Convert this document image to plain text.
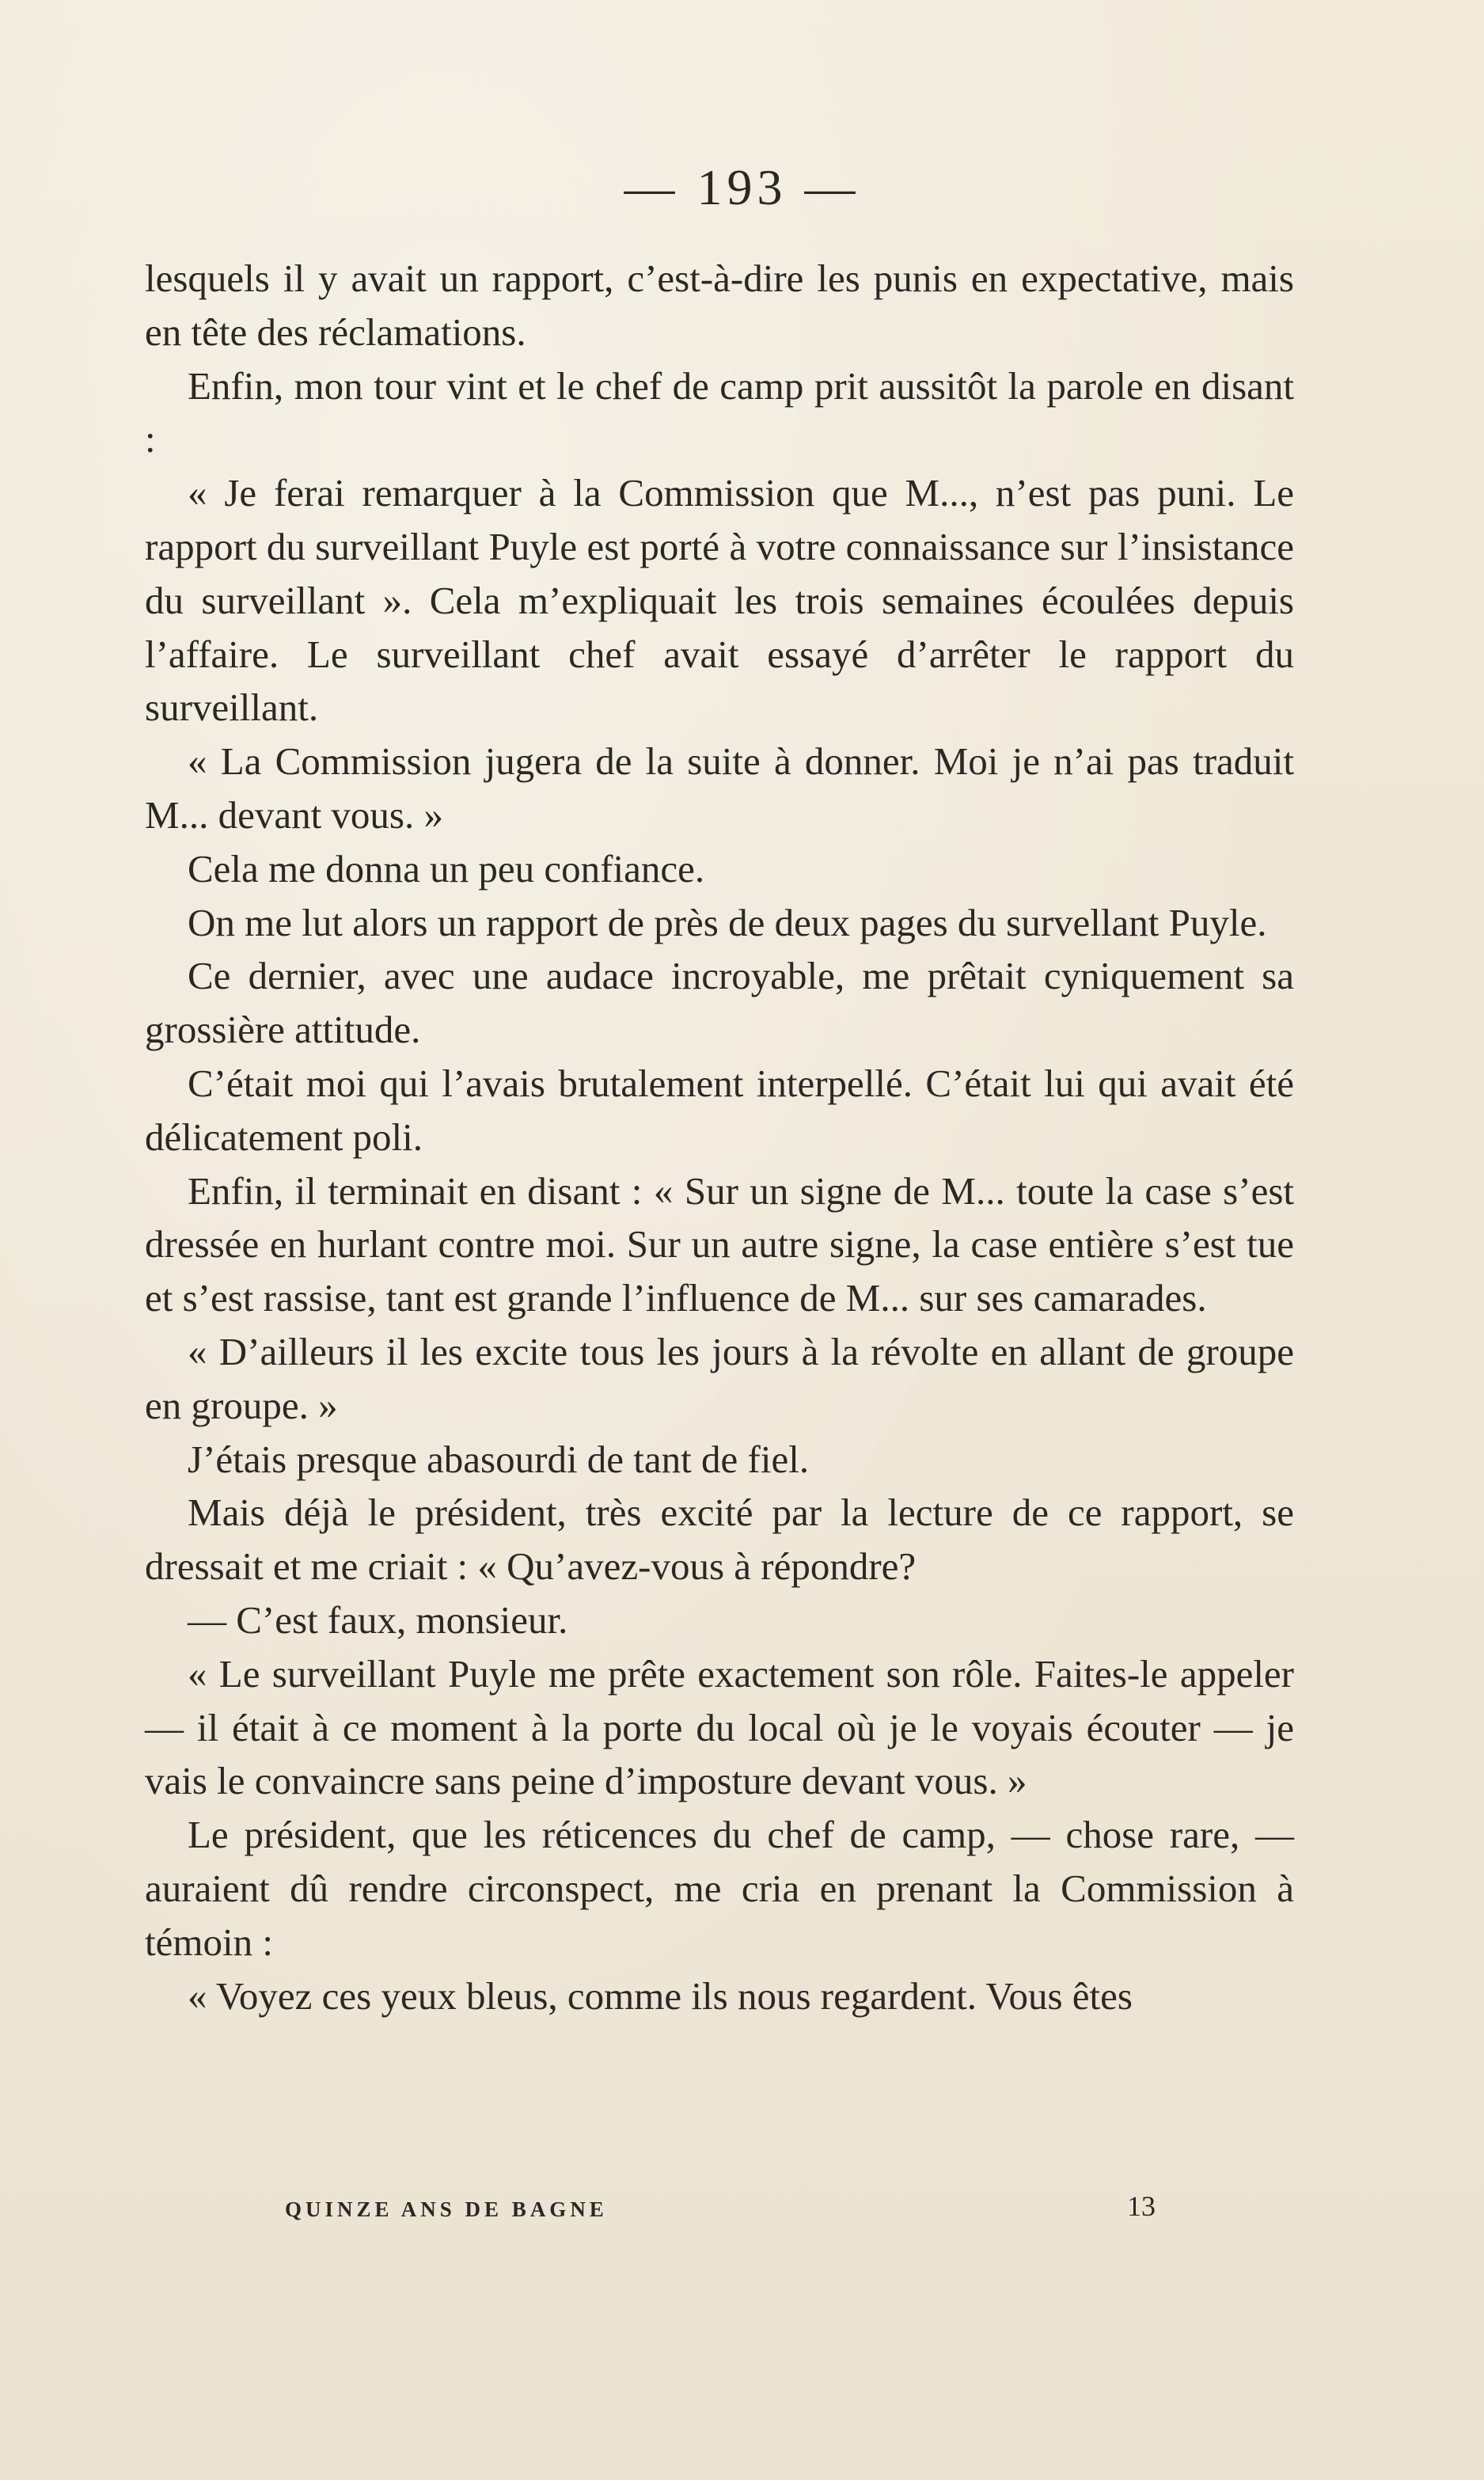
— 193 —

lesquels il y avait un rapport, c’est-à-dire les punis en expectative, mais en tête des réclamations.

Enfin, mon tour vint et le chef de camp prit aussitôt la parole en disant :

« Je ferai remarquer à la Commission que M..., n’est pas puni. Le rapport du surveillant Puyle est porté à votre connaissance sur l’insistance du surveillant ». Cela m’expliquait les trois semaines écoulées depuis l’affaire. Le surveillant chef avait essayé d’arrêter le rapport du surveillant.

« La Commission jugera de la suite à donner. Moi je n’ai pas traduit M... devant vous. »

Cela me donna un peu confiance.

On me lut alors un rapport de près de deux pages du survellant Puyle.

Ce dernier, avec une audace incroyable, me prêtait cyniquement sa grossière attitude.

C’était moi qui l’avais brutalement interpellé. C’était lui qui avait été délicatement poli.

Enfin, il terminait en disant : « Sur un signe de M... toute la case s’est dressée en hurlant contre moi. Sur un autre signe, la case entière s’est tue et s’est rassise, tant est grande l’influence de M... sur ses camarades.

« D’ailleurs il les excite tous les jours à la révolte en allant de groupe en groupe. »

J’étais presque abasourdi de tant de fiel.

Mais déjà le président, très excité par la lecture de ce rapport, se dressait et me criait : « Qu’avez-vous à répondre?

— C’est faux, monsieur.

« Le surveillant Puyle me prête exactement son rôle. Faites-le appeler — il était à ce moment à la porte du local où je le voyais écouter — je vais le convaincre sans peine d’imposture devant vous. »

Le président, que les réticences du chef de camp, — chose rare, — auraient dû rendre circonspect, me cria en prenant la Commission à témoin :

« Voyez ces yeux bleus, comme ils nous regardent. Vous êtes

QUINZE ANS DE BAGNE	13
